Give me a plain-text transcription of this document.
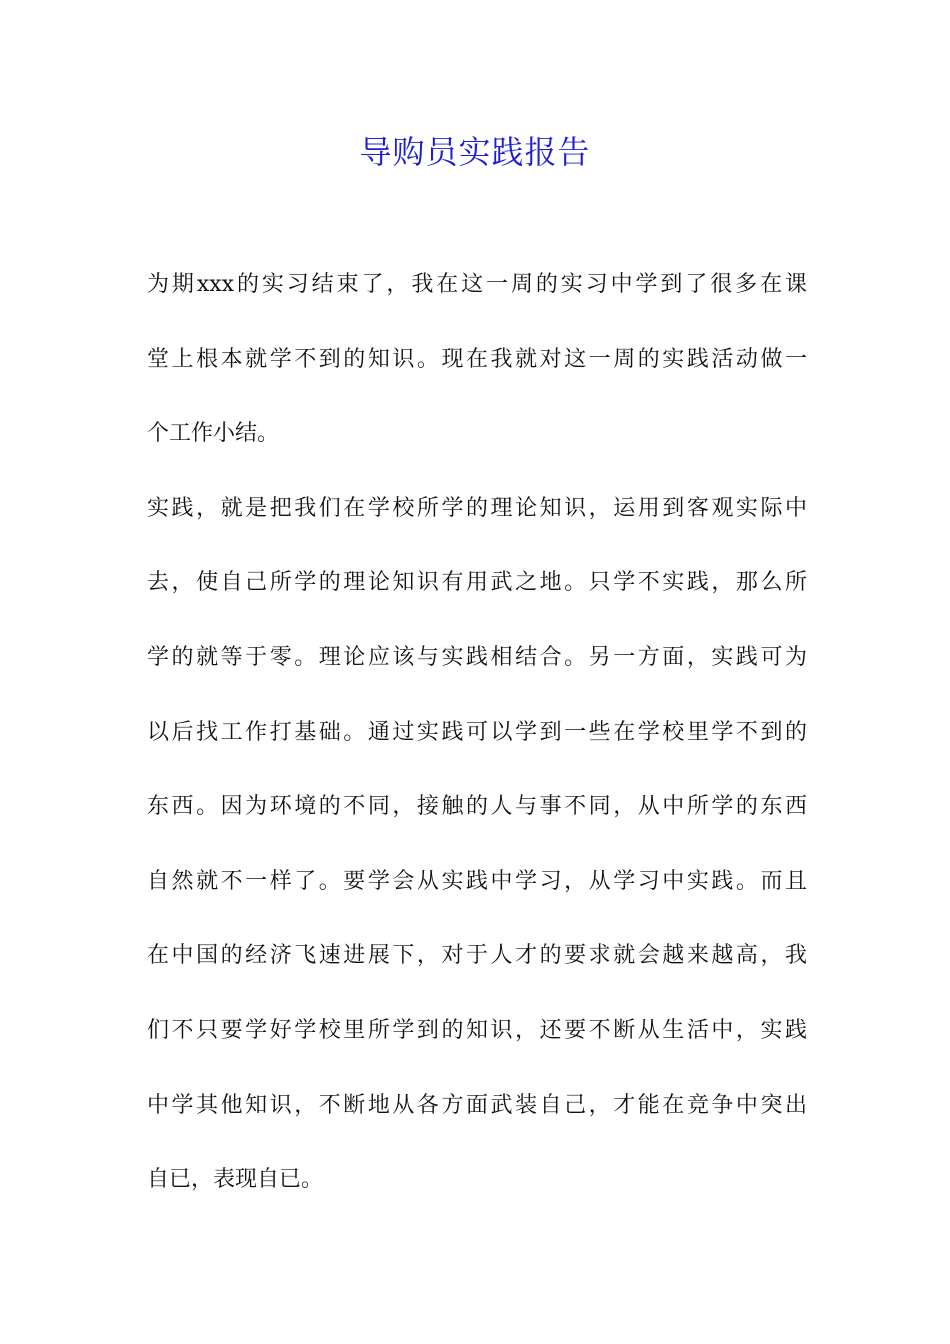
导购员实践报告
为期xxx的实习结束了，我在这一周的实习中学到了很多在课
堂上根本就学不到的知识。现在我就对这一周的实践活动做一
个工作小结。
实践，就是把我们在学校所学的理论知识，运用到客观实际中
去，使自己所学的理论知识有用武之地。只学不实践，那么所
学的就等于零。理论应该与实践相结合。另一方面，实践可为
以后找工作打基础。通过实践可以学到一些在学校里学不到的
东西。因为环境的不同，接触的人与事不同，从中所学的东西
自然就不一样了。要学会从实践中学习，从学习中实践。而且
在中国的经济飞速进展下，对于人才的要求就会越来越高，我
们不只要学好学校里所学到的知识，还要不断从生活中，实践
中学其他知识，不断地从各方面武装自己，才能在竞争中突出
自已，表现自已。
